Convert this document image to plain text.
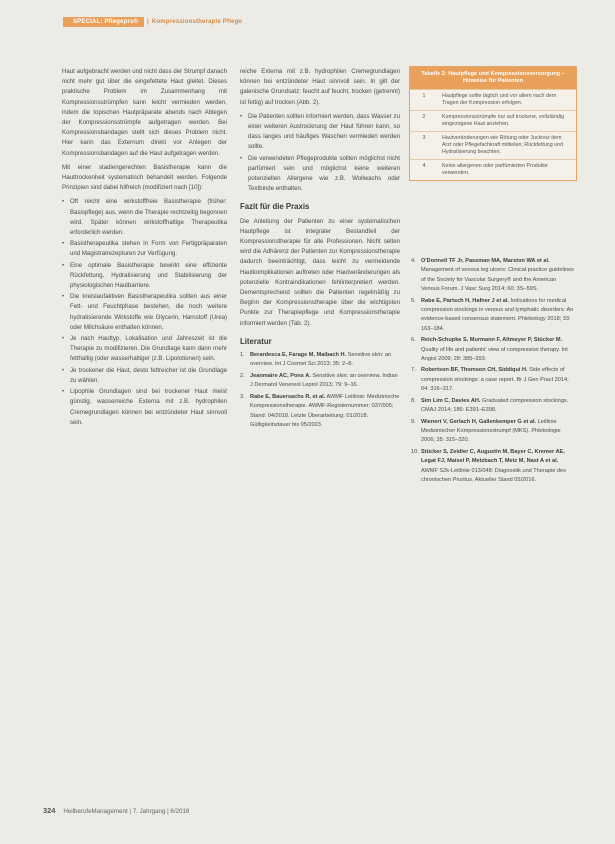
SPECIAL: Pflegeprofi	| Kompressionstherapie Pflege

Haut aufgebracht werden und nicht dass der Strumpf danach nicht mehr gut über die eingefettete Haut gleitet. Dieses praktische Problem im Zusammenhang mit Kompressionsstrümpfen kann leicht vermieden werden, indem die topischen Hautpräparate abends nach Ablegen der Kompressionsstrümpfe aufgetragen werden. Bei Kompressionsbandagen stellt sich dieses Problem nicht. Hier kann das Externum direkt vor Anlegen der Kompressionsbandagen auf die Haut aufgetragen werden.

Mit einer stadiengerechten Basistherapie kann die Hauttrockenheit systematisch behandelt werden. Folgende Prinzipien sind dabei hilfreich (modifiziert nach [10]):

• Oft reicht eine wirkstofffreie Basistherapie (früher: Basispflege) aus, wenn die Therapie rechtzeitig begonnen wird. Später können wirkstoffhaltige Therapeutika erforderlich werden.
• Basistherapeutika stehen in Form von Fertigpräparaten und Magistralrezepturen zur Verfügung.
• Eine optimale Basistherapie bewirkt eine effiziente Rückfettung, Hydratisierung und Stabilisierung der physiologischen Hautbarriere.
• Die kreislaufaktiven Basistherapeutika sollten aus einer Fett- und Feuchtphase bestehen, die noch weitere hydratisierende Wirkstoffe wie Glycerin, Harnstoff (Urea) oder Milchsäure enthalten können.
• Je nach Hauttyp, Lokalisation und Jahreszeit ist die Therapie zu modifizieren. Die Grundlage kann dann mehr fetthaltig (oder wasserhaltiger (z.B. Lipolotionen) sein.
• Je trockener die Haut, desto fettreicher ist die Grundlage zu wählen.
• Lipophile Grundlagen sind bei trockener Haut meist günstig, wasserreiche Externa mit z.B. hydrophilen Cremegrundlagen können bei entzündeter Haut sinnvoll sein.

reiche Externa mit z.B. hydrophilen Cremegrundlagen können bei entzündeter Haut sinnvoll sein. In gilt der galenische Grundsatz: feucht auf feucht, trocken (getrennt) ist fettig) auf trocken (Abb. 2).

• Die Patienten sollten informiert werden, dass Wasser zu einer weiteren Austrocknung der Haut führen kann, so dass langes und häufiges Waschen vermieden werden sollte.
• Die verwendeten Pflegeprodukte sollten möglichst nicht parfümiert sein und möglichst keine weiteren potenziellen Allergene wie z.B. Wollwachs oder Textbinde enthalten.
Fazit für die Praxis

Die Anleitung der Patienten zu einer systematischen Hautpflege ist integraler Bestandteil der Kompressionstherapie für alle Professionen. Nicht selten wird die Adhärenz der Patienten zur Kompressionstherapie dadurch beeinträchtigt, dass leicht zu vermeidende Hautkomplikationen auftreten oder Hautveränderungen als potenzielle Kontraindikationen fehlinterpretiert werden. Dementsprechend sollten die Patienten regelmäßig zu Beginn der Kompressionstherapie über die wichtigsten Punkte zur Therapiepflege und Kompressionstherapie informiert werden (Tab. 2).

Literatur
1. Berardesca E, Farage M, Maibach H. Sensitive skin: an overview. Int J Cosmet Sci 2013; 35: 2–8.
2. Jeanmaire AC, Pons A. Sensitive skin: an overview. Indian J Dermatol Venereol Leprol 2013; 79: 9–16.
3. Rabe E, Bauersachs R, et al. AWMF Leitlinie: Medizinische Kompressionstherapie. AWMF-Registernummer: 037/005; Stand: 04/2018. Letzte Überarbeitung: 01/2018. Gültigkeitsdauer bis 05/2023.
Tabelle 2: Hautpflege und Kompressionsversorgung – Hinweise für Patienten
1	Hautpflege sollte täglich und vor allem nach dem Tragen der Kompression erfolgen.
2	Kompressionsstrümpfe nur auf trockene, vollständig eingezogene Haut anziehen.
3	Hautveränderungen wie Rötung oder Juckreiz dem Arzt oder Pflegefachkraft mitteilen; Rückfettung und Hydratisierung beachten.
4	Keine allergenen oder parfümierten Produkte verwenden.
4. O'Donnell TF Jr, Passman MA, Marston WA et al. Management of venous leg ulcers: Clinical practice guidelines of the Society for Vascular Surgery® and the American Venous Forum. J Vasc Surg 2014; 60: 3S–59S.
5. Rabe E, Partsch H, Hafner J et al. Indications for medical compression stockings in venous and lymphatic disorders: An evidence-based consensus statement. Phlebology 2018; 33: 163–184.
6. Reich-Schupke S, Murmann F, Altmeyer P, Stücker M. Quality of life and patients' view of compression therapy. Int Angiol 2009; 28: 385–393.
7. Robertson BF, Thomson CH, Siddiqui H. Side effects of compression stockings: a case report. Br J Gen Pract 2014; 64: 316–317.
8. Sim Lim C, Davies AH. Graduated compression stockings. CMAJ 2014; 186: E391–E398.
9. Wienert V, Gerlach H, Gallenkemper G et al. Leitlinie Medizinischer Kompressionsstrumpf (MKS). Phlebologie 2006; 35: 315–320.
10. Stücker S, Zeidler C, Augustin M, Bayer C, Kremer AE, Legat FJ, Maisel P, Metzbach T, Metz M, Nast A et al. AWMF S2k-Leitlinie 013/048: Diagnostik und Therapie des chronischen Pruritus. Aktueller Stand 05/2016.
324 HeilberufeManagement | 7. Jahrgang | 6/2018
